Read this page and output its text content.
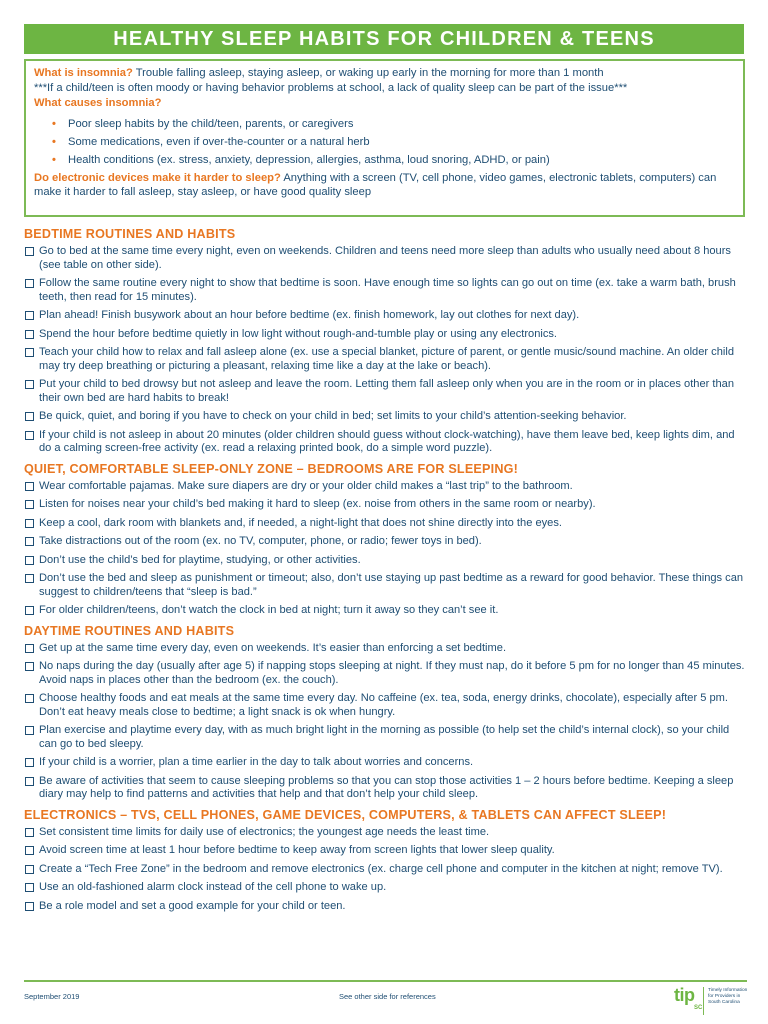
HEALTHY SLEEP HABITS FOR CHILDREN & TEENS
What is insomnia? Trouble falling asleep, staying asleep, or waking up early in the morning for more than 1 month
***If a child/teen is often moody or having behavior problems at school, a lack of quality sleep can be part of the issue***
What causes insomnia?
• Poor sleep habits by the child/teen, parents, or caregivers
• Some medications, even if over-the-counter or a natural herb
• Health conditions (ex. stress, anxiety, depression, allergies, asthma, loud snoring, ADHD, or pain)
Do electronic devices make it harder to sleep? Anything with a screen (TV, cell phone, video games, electronic tablets, computers) can make it harder to fall asleep, stay asleep, or have good quality sleep
BEDTIME ROUTINES AND HABITS
Go to bed at the same time every night, even on weekends. Children and teens need more sleep than adults who usually need about 8 hours (see table on other side).
Follow the same routine every night to show that bedtime is soon. Have enough time so lights can go out on time (ex. take a warm bath, brush teeth, then read for 15 minutes).
Plan ahead! Finish busywork about an hour before bedtime (ex. finish homework, lay out clothes for next day).
Spend the hour before bedtime quietly in low light without rough-and-tumble play or using any electronics.
Teach your child how to relax and fall asleep alone (ex. use a special blanket, picture of parent, or gentle music/sound machine. An older child may try deep breathing or picturing a pleasant, relaxing time like a day at the lake or beach).
Put your child to bed drowsy but not asleep and leave the room. Letting them fall asleep only when you are in the room or in places other than their own bed are hard habits to break!
Be quick, quiet, and boring if you have to check on your child in bed; set limits to your child’s attention-seeking behavior.
If your child is not asleep in about 20 minutes (older children should guess without clock-watching), have them leave bed, keep lights dim, and do a calming screen-free activity (ex. read a relaxing printed book, do a simple word puzzle).
QUIET, COMFORTABLE SLEEP-ONLY ZONE – BEDROOMS ARE FOR SLEEPING!
Wear comfortable pajamas. Make sure diapers are dry or your older child makes a “last trip” to the bathroom.
Listen for noises near your child’s bed making it hard to sleep (ex. noise from others in the same room or nearby).
Keep a cool, dark room with blankets and, if needed, a night-light that does not shine directly into the eyes.
Take distractions out of the room (ex. no TV, computer, phone, or radio; fewer toys in bed).
Don’t use the child’s bed for playtime, studying, or other activities.
Don’t use the bed and sleep as punishment or timeout; also, don’t use staying up past bedtime as a reward for good behavior. These things can suggest to children/teens that “sleep is bad.”
For older children/teens, don’t watch the clock in bed at night; turn it away so they can’t see it.
DAYTIME ROUTINES AND HABITS
Get up at the same time every day, even on weekends. It’s easier than enforcing a set bedtime.
No naps during the day (usually after age 5) if napping stops sleeping at night. If they must nap, do it before 5 pm for no longer than 45 minutes. Avoid naps in places other than the bedroom (ex. the couch).
Choose healthy foods and eat meals at the same time every day. No caffeine (ex. tea, soda, energy drinks, chocolate), especially after 5 pm. Don’t eat heavy meals close to bedtime; a light snack is ok when hungry.
Plan exercise and playtime every day, with as much bright light in the morning as possible (to help set the child’s internal clock), so your child can go to bed sleepy.
If your child is a worrier, plan a time earlier in the day to talk about worries and concerns.
Be aware of activities that seem to cause sleeping problems so that you can stop those activities 1 – 2 hours before bedtime. Keeping a sleep diary may help to find patterns and activities that help and that don’t help your child sleep.
ELECTRONICS – TVS, CELL PHONES, GAME DEVICES, COMPUTERS, & TABLETS CAN AFFECT SLEEP!
Set consistent time limits for daily use of electronics; the youngest age needs the least time.
Avoid screen time at least 1 hour before bedtime to keep away from screen lights that lower sleep quality.
Create a “Tech Free Zone” in the bedroom and remove electronics (ex. charge cell phone and computer in the kitchen at night; remove TV).
Use an old-fashioned alarm clock instead of the cell phone to wake up.
Be a role model and set a good example for your child or teen.
September 2019	See other side for references	tip
SC
Timely Information for Providers in South Carolina
